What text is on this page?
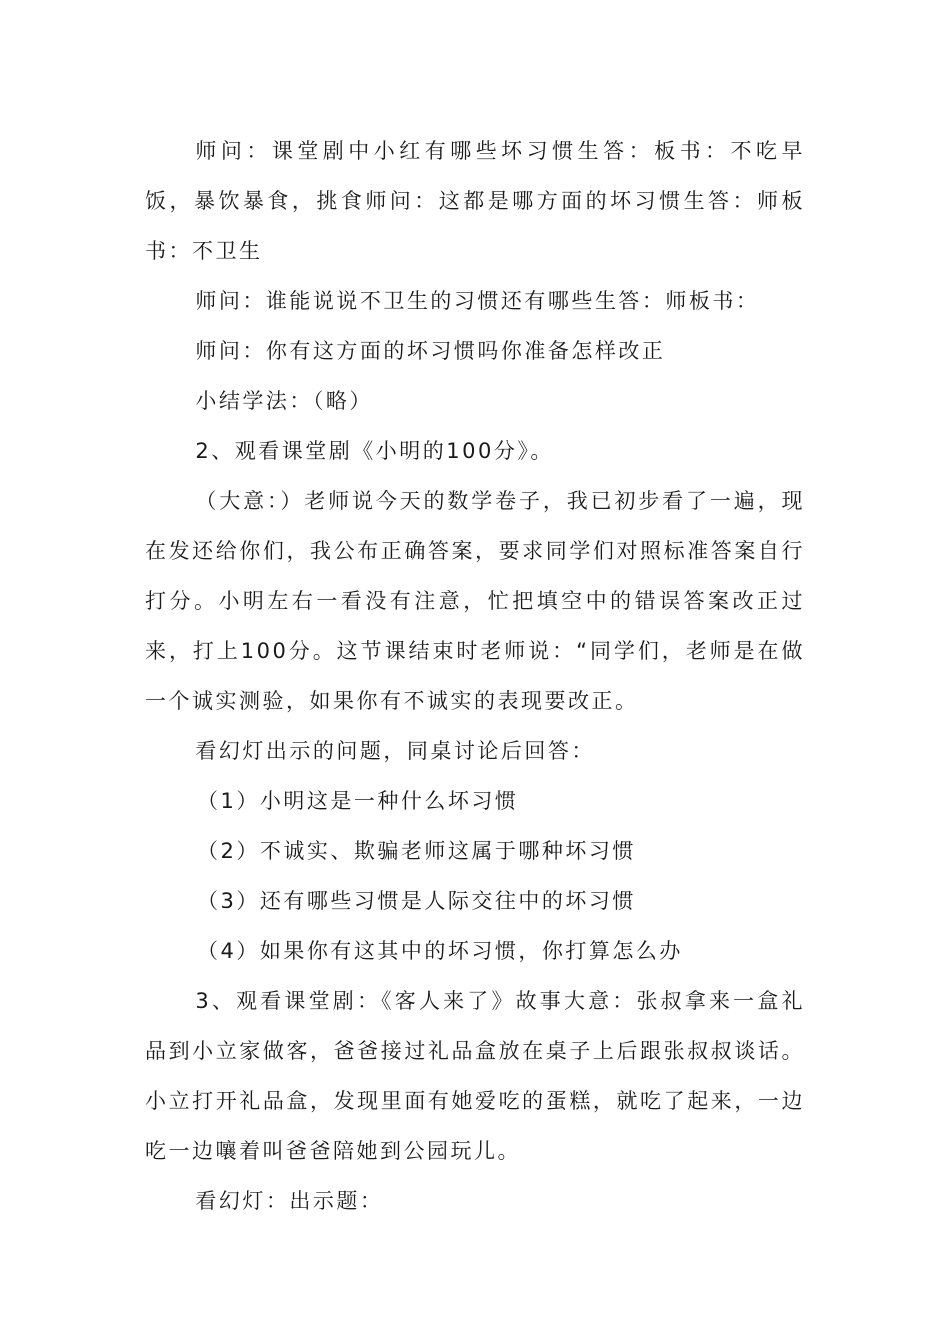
师问：课堂剧中小红有哪些坏习惯生答：板书：不吃早饭，暴饮暴食，挑食师问：这都是哪方面的坏习惯生答：师板书：不卫生

师问：谁能说说不卫生的习惯还有哪些生答：师板书：

师问：你有这方面的坏习惯吗你准备怎样改正

小结学法：（略）

2、观看课堂剧《小明的100分》。

（大意：）老师说今天的数学卷子，我已初步看了一遍，现在发还给你们，我公布正确答案，要求同学们对照标准答案自行打分。小明左右一看没有注意，忙把填空中的错误答案改正过来，打上100分。这节课结束时老师说：“同学们，老师是在做一个诚实测验，如果你有不诚实的表现要改正。

看幻灯出示的问题，同桌讨论后回答：

（1）小明这是一种什么坏习惯

（2）不诚实、欺骗老师这属于哪种坏习惯

（3）还有哪些习惯是人际交往中的坏习惯

（4）如果你有这其中的坏习惯，你打算怎么办

3、观看课堂剧：《客人来了》故事大意：张叔拿来一盒礼品到小立家做客，爸爸接过礼品盒放在桌子上后跟张叔叔谈话。小立打开礼品盒，发现里面有她爱吃的蛋糕，就吃了起来，一边吃一边嚷着叫爸爸陪她到公园玩儿。

看幻灯：出示题：
